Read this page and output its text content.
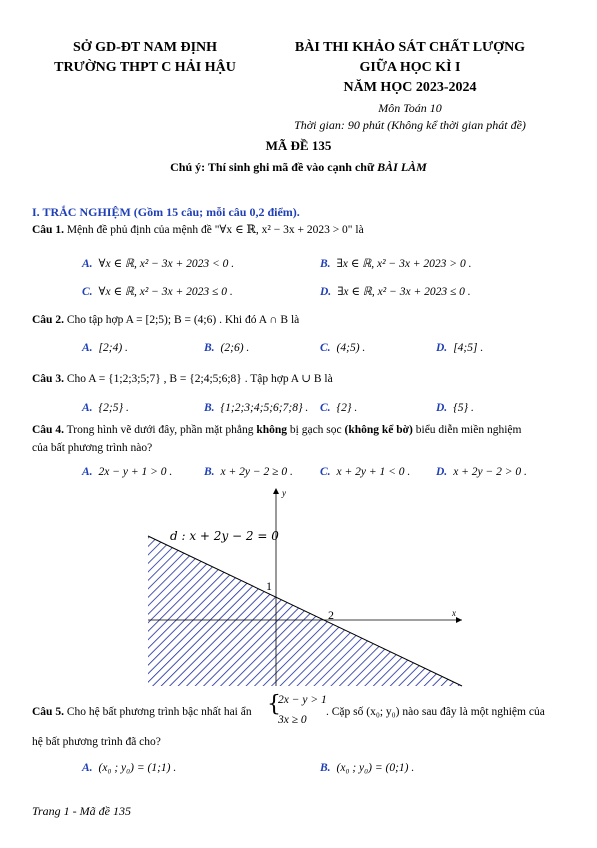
SỞ GD-ĐT NAM ĐỊNH
TRƯỜNG THPT C HẢI HẬU
BÀI THI KHẢO SÁT CHẤT LƯỢNG
GIỮA HỌC KÌ I
NĂM HỌC 2023-2024
Môn Toán 10
Thời gian: 90 phút (Không kể thời gian phát đề)
MÃ ĐỀ 135
Chú ý: Thí sinh ghi mã đề vào cạnh chữ BÀI LÀM
I. TRẮC NGHIỆM (Gồm 15 câu; mỗi câu 0,2 điểm).
Câu 1. Mệnh đề phủ định của mệnh đề "∀x ∈ ℝ, x² − 3x + 2023 > 0" là
A. ∀x ∈ ℝ, x² − 3x + 2023 < 0 .	B. ∃x ∈ ℝ, x² − 3x + 2023 > 0 .
C. ∀x ∈ ℝ, x² − 3x + 2023 ≤ 0 .	D. ∃x ∈ ℝ, x² − 3x + 2023 ≤ 0 .
Câu 2. Cho tập hợp A = [2;5); B = (4;6) . Khi đó A ∩ B là
A. [2;4) .	B. (2;6) .	C. (4;5) .	D. [4;5] .
Câu 3. Cho A = {1;2;3;5;7} , B = {2;4;5;6;8} . Tập hợp A ∪ B là
A. {2;5} .	B. {1;2;3;4;5;6;7;8} . C. {2} .	D. {5} .
Câu 4. Trong hình vẽ dưới đây, phần mặt phẳng không bị gạch sọc (không kể bờ) biểu diễn miền nghiệm
của bất phương trình nào?
A. 2x − y + 1 > 0 .	B. x + 2y − 2 ≥ 0 . C. x + 2y + 1 < 0 . D. x + 2y − 2 > 0 .
y
x
1
2
d : x + 2y − 2 = 0
Câu 5. Cho hệ bất phương trình bậc nhất hai ẩn {
2x − y > 1
3x ≥ 0
. Cặp số (x₀; y₀) nào sau đây là một nghiệm của
hệ bất phương trình đã cho?
A. (x₀ ; y₀) = (1;1) .	B. (x₀ ; y₀) = (0;1) .
Trang 1 - Mã đề 135
